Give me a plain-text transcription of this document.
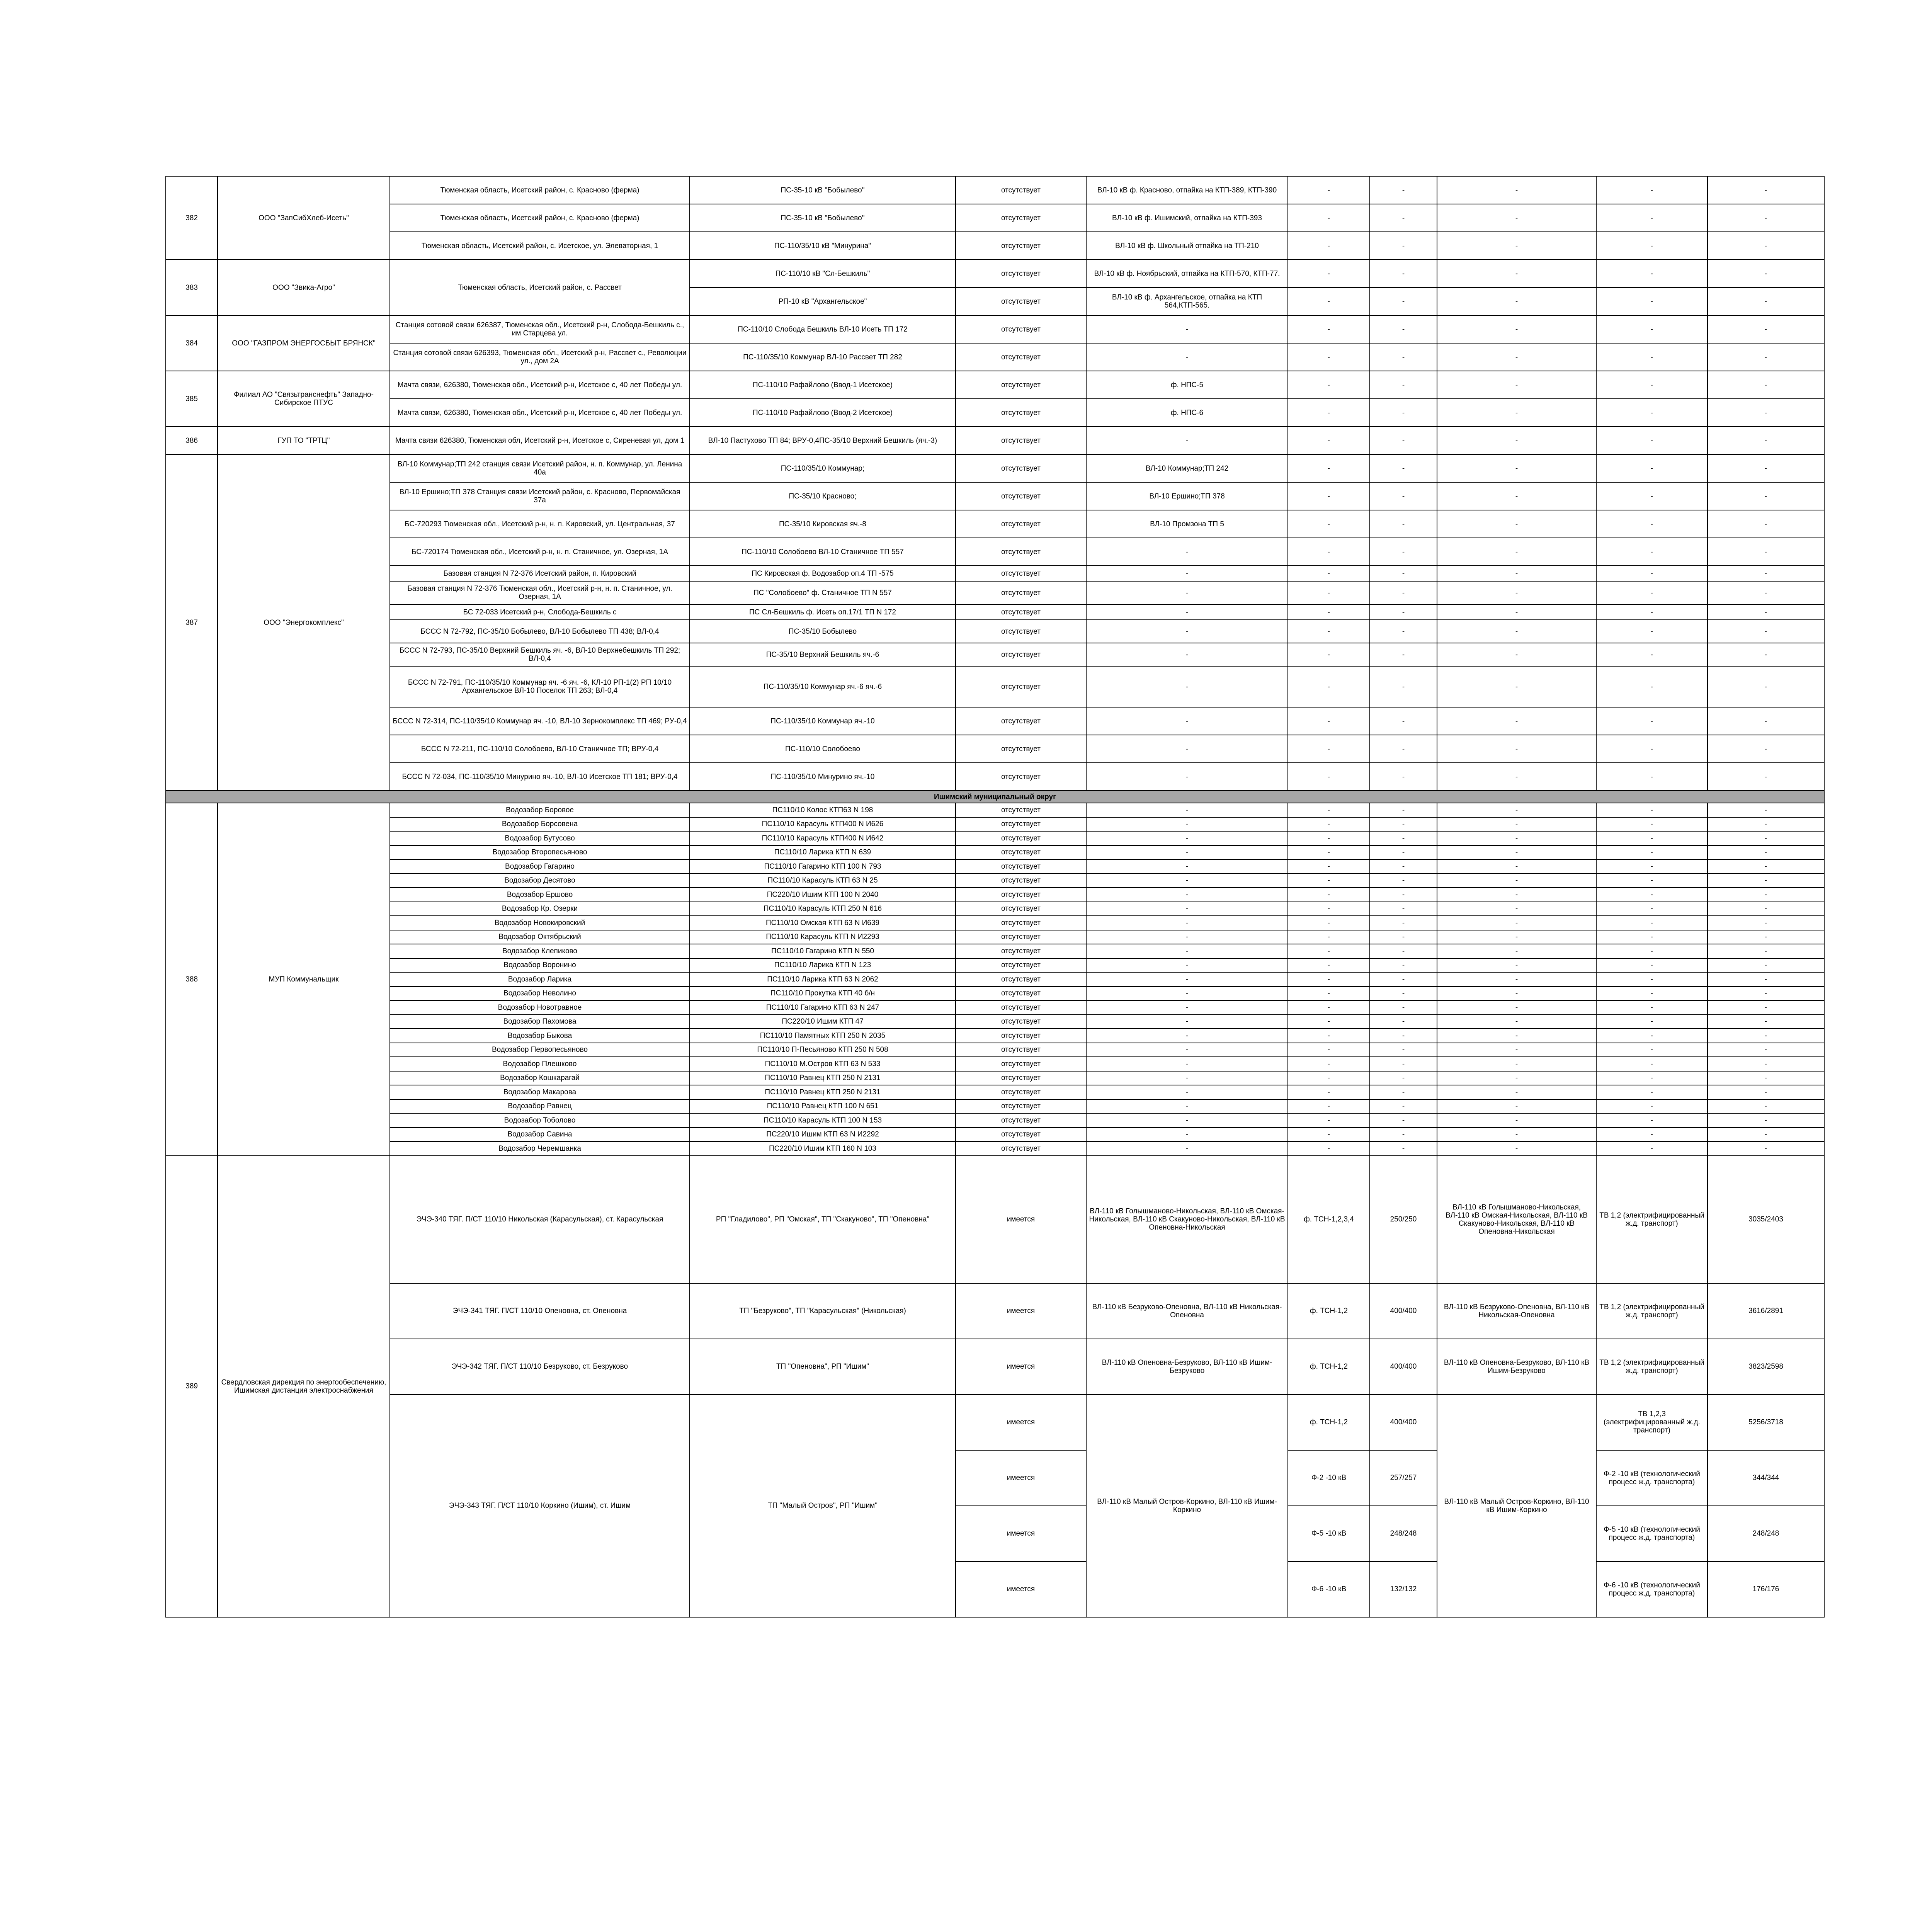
382	ООО "ЗапСибХлеб-Исеть"	Тюменская область, Исетский район, с. Красново (ферма)	ПС-35-10 кВ "Бобылево"	отсутствует	ВЛ-10 кВ ф. Красново, отпайка на КТП-389, КТП-390	-	-	-	-	-
		Тюменская область, Исетский район, с. Красново (ферма)	ПС-35-10 кВ "Бобылево"	отсутствует	ВЛ-10 кВ ф. Ишимский, отпайка на КТП-393	-	-	-	-	-
		Тюменская область, Исетский район, с. Исетское, ул. Элеваторная, 1	ПС-110/35/10 кВ "Минурина"	отсутствует	ВЛ-10 кВ ф. Школьный отпайка на ТП-210	-	-	-	-	-
383	ООО "Звика-Агро"	Тюменская область, Исетский район, с. Рассвет	ПС-110/10 кВ "Сл-Бешкиль"	отсутствует	ВЛ-10 кВ ф. Ноябрьский, отпайка на КТП-570, КТП-77.	-	-	-	-	-
			РП-10 кВ "Архангельское"	отсутствует	ВЛ-10 кВ ф. Архангельское, отпайка на КТП 564,КТП-565.	-	-	-	-	-
384	ООО "ГАЗПРОМ ЭНЕРГОСБЫТ БРЯНСК"	Станция сотовой связи 626387, Тюменская обл., Исетский р-н, Слобода-Бешкиль с., им Старцева ул.	ПС-110/10 Слобода Бешкиль ВЛ-10 Исеть ТП 172	отсутствует	-	-	-	-	-	-
		Станция сотовой связи 626393, Тюменская обл., Исетский р-н, Рассвет с., Революции ул., дом 2А	ПС-110/35/10 Коммунар ВЛ-10 Рассвет ТП 282	отсутствует	-	-	-	-	-	-
385	Филиал АО "Связьтранснефть" Западно-Сибирское ПТУС	Мачта связи, 626380, Тюменская обл., Исетский р-н, Исетское с, 40 лет Победы ул.	ПС-110/10 Рафайлово (Ввод-1 Исетское)	отсутствует	ф. НПС-5	-	-	-	-	-
		Мачта связи, 626380, Тюменская обл., Исетский р-н, Исетское с, 40 лет Победы ул.	ПС-110/10 Рафайлово (Ввод-2 Исетское)	отсутствует	ф. НПС-6	-	-	-	-	-
386	ГУП ТО "ТРТЦ"	Мачта связи 626380, Тюменская обл, Исетский р-н, Исетское с, Сиреневая ул, дом 1	ВЛ-10 Пастухово ТП 84; ВРУ-0,4ПС-35/10 Верхний Бешкиль (яч.-3)	отсутствует	-	-	-	-	-	-
387	ООО "Энергокомплекс"	ВЛ-10 Коммунар;ТП 242 станция связи Исетский район, н. п. Коммунар, ул. Ленина 40а	ПС-110/35/10 Коммунар;	отсутствует	ВЛ-10 Коммунар;ТП 242	-	-	-	-	-
		ВЛ-10 Ершино;ТП 378 Станция связи Исетский район, с. Красново, Первомайская 37а	ПС-35/10 Красново;	отсутствует	ВЛ-10 Ершино;ТП 378	-	-	-	-	-
		БС-720293 Тюменская обл., Исетский р-н, н. п. Кировский, ул. Центральная, 37	ПС-35/10 Кировская яч.-8	отсутствует	ВЛ-10 Промзона ТП 5	-	-	-	-	-
		БС-720174 Тюменская обл., Исетский р-н, н. п. Станичное, ул. Озерная, 1А	ПС-110/10 Солобоево ВЛ-10 Станичное ТП 557	отсутствует	-	-	-	-	-	-
		Базовая станция N 72-376 Исетский район, п. Кировский	ПС Кировская ф. Водозабор оп.4 ТП -575	отсутствует	-	-	-	-	-	-
		Базовая станция N 72-376 Тюменская обл., Исетский р-н, н. п. Станичное, ул. Озерная, 1А	ПС "Солобоево" ф. Станичное ТП N 557	отсутствует	-	-	-	-	-	-
		БС 72-033 Исетский р-н, Слобода-Бешкиль с	ПС Сл-Бешкиль ф. Исеть оп.17/1 ТП N 172	отсутствует	-	-	-	-	-	-
		БССС N 72-792, ПС-35/10 Бобылево, ВЛ-10 Бобылево ТП 438; ВЛ-0,4	ПС-35/10 Бобылево	отсутствует	-	-	-	-	-	-
		БССС N 72-793, ПС-35/10 Верхний Бешкиль яч. -6, ВЛ-10 Верхнебешкиль ТП 292; ВЛ-0,4	ПС-35/10 Верхний Бешкиль яч.-6	отсутствует	-	-	-	-	-	-
		БССС N 72-791, ПС-110/35/10 Коммунар яч. -6 яч. -6, КЛ-10 РП-1(2) РП 10/10 Архангельское ВЛ-10 Поселок ТП 263; ВЛ-0,4	ПС-110/35/10 Коммунар яч.-6 яч.-6	отсутствует	-	-	-	-	-	-
		БССС N 72-314, ПС-110/35/10 Коммунар яч. -10, ВЛ-10 Зернокомплекс ТП 469; РУ-0,4	ПС-110/35/10 Коммунар яч.-10	отсутствует	-	-	-	-	-	-
		БССС N 72-211, ПС-110/10 Солобоево, ВЛ-10 Станичное ТП; ВРУ-0,4	ПС-110/10 Солобоево	отсутствует	-	-	-	-	-	-
		БССС N 72-034, ПС-110/35/10 Минурино яч.-10, ВЛ-10 Исетское ТП 181; ВРУ-0,4	ПС-110/35/10 Минурино яч.-10	отсутствует	-	-	-	-	-	-
Ишимский муниципальный округ										
388	МУП Коммунальщик	Водозабор Боровое	ПС110/10 Колос КТП63 N 198	отсутствует	-	-	-	-	-	-
		Водозабор Борсовена	ПС110/10 Карасуль КТП400 N И626	отсутствует	-	-	-	-	-	-
		Водозабор Бутусово	ПС110/10 Карасуль КТП400 N И642	отсутствует	-	-	-	-	-	-
		Водозабор Второпесьяново	ПС110/10 Ларика КТП N 639	отсутствует	-	-	-	-	-	-
		Водозабор Гагарино	ПС110/10 Гагарино КТП 100 N 793	отсутствует	-	-	-	-	-	-
		Водозабор Десятово	ПС110/10 Карасуль КТП 63 N 25	отсутствует	-	-	-	-	-	-
		Водозабор Ершово	ПС220/10 Ишим КТП 100 N 2040	отсутствует	-	-	-	-	-	-
		Водозабор Кр. Озерки	ПС110/10 Карасуль КТП 250 N 616	отсутствует	-	-	-	-	-	-
		Водозабор Новокировский	ПС110/10 Омская КТП 63 N И639	отсутствует	-	-	-	-	-	-
		Водозабор Октябрьский	ПС110/10 Карасуль КТП N И2293	отсутствует	-	-	-	-	-	-
		Водозабор Клепиково	ПС110/10 Гагарино КТП N 550	отсутствует	-	-	-	-	-	-
		Водозабор Воронино	ПС110/10 Ларика КТП N 123	отсутствует	-	-	-	-	-	-
		Водозабор Ларика	ПС110/10 Ларика КТП 63 N 2062	отсутствует	-	-	-	-	-	-
		Водозабор Неволино	ПС110/10 Прокутка КТП 40 б/н	отсутствует	-	-	-	-	-	-
		Водозабор Новотравное	ПС110/10 Гагарино КТП 63 N 247	отсутствует	-	-	-	-	-	-
		Водозабор Пахомова	ПС220/10 Ишим КТП 47	отсутствует	-	-	-	-	-	-
		Водозабор Быкова	ПС110/10 Памятных КТП 250 N 2035	отсутствует	-	-	-	-	-	-
		Водозабор Первопесьяново	ПС110/10 П-Песьяново КТП 250 N 508	отсутствует	-	-	-	-	-	-
		Водозабор Плешково	ПС110/10 М.Остров КТП 63 N 533	отсутствует	-	-	-	-	-	-
		Водозабор Кошкарагай	ПС110/10 Равнец КТП 250 N 2131	отсутствует	-	-	-	-	-	-
		Водозабор Макарова	ПС110/10 Равнец КТП 250 N 2131	отсутствует	-	-	-	-	-	-
		Водозабор Равнец	ПС110/10 Равнец КТП 100 N 651	отсутствует	-	-	-	-	-	-
		Водозабор Тоболово	ПС110/10 Карасуль КТП 100 N 153	отсутствует	-	-	-	-	-	-
		Водозабор Савина	ПС220/10 Ишим КТП 63 N И2292	отсутствует	-	-	-	-	-	-
		Водозабор Черемшанка	ПС220/10 Ишим КТП 160 N 103	отсутствует	-	-	-	-	-	-
389	Свердловская дирекция по энергообеспечению, Ишимская дистанция электроснабжения	ЭЧЭ-340 ТЯГ. П/СТ 110/10 Никольская (Карасульская), ст. Карасульская	РП "Гладилово", РП "Омская", ТП "Скакуново", ТП "Опеновна"	имеется	ВЛ-110 кВ Голышманово-Никольская, ВЛ-110 кВ Омская-Никольская, ВЛ-110 кВ Скакуново-Никольская, ВЛ-110 кВ Опеновна-Никольская	ф. ТСН-1,2,3,4	250/250	ВЛ-110 кВ Голышманово-Никольская, ВЛ-110 кВ Омская-Никольская, ВЛ-110 кВ Скакуново-Никольская, ВЛ-110 кВ Опеновна-Никольская	ТВ 1,2 (электрифицированный ж.д. транспорт)	3035/2403
		ЭЧЭ-341 ТЯГ. П/СТ 110/10 Опеновна, ст. Опеновна	ТП "Безруково", ТП "Карасульская" (Никольская)	имеется	ВЛ-110 кВ Безруково-Опеновна, ВЛ-110 кВ Никольская-Опеновна	ф. ТСН-1,2	400/400	ВЛ-110 кВ Безруково-Опеновна, ВЛ-110 кВ Никольская-Опеновна	ТВ 1,2 (электрифицированный ж.д. транспорт)	3616/2891
		ЭЧЭ-342 ТЯГ. П/СТ 110/10 Безруково, ст. Безруково	ТП "Опеновна", РП "Ишим"	имеется	ВЛ-110 кВ Опеновна-Безруково, ВЛ-110 кВ Ишим-Безруково	ф. ТСН-1,2	400/400	ВЛ-110 кВ Опеновна-Безруково, ВЛ-110 кВ Ишим-Безруково	ТВ 1,2 (электрифицированный ж.д. транспорт)	3823/2598
		ЭЧЭ-343 ТЯГ. П/СТ 110/10 Коркино (Ишим), ст. Ишим	ТП "Малый Остров", РП "Ишим"	имеется	ВЛ-110 кВ Малый Остров-Коркино, ВЛ-110 кВ Ишим-Коркино	ф. ТСН-1,2	400/400	ВЛ-110 кВ Малый Остров-Коркино, ВЛ-110 кВ Ишим-Коркино	ТВ 1,2,3 (электрифицированный ж.д. транспорт)	5256/3718
				имеется		Ф-2 -10 кВ	257/257		Ф-2 -10 кВ (технологический процесс ж.д. транспорта)	344/344
				имеется		Ф-5 -10 кВ	248/248		Ф-5 -10 кВ (технологический процесс ж.д. транспорта)	248/248
				имеется		Ф-6 -10 кВ	132/132		Ф-6 -10 кВ (технологический процесс ж.д. транспорта)	176/176
